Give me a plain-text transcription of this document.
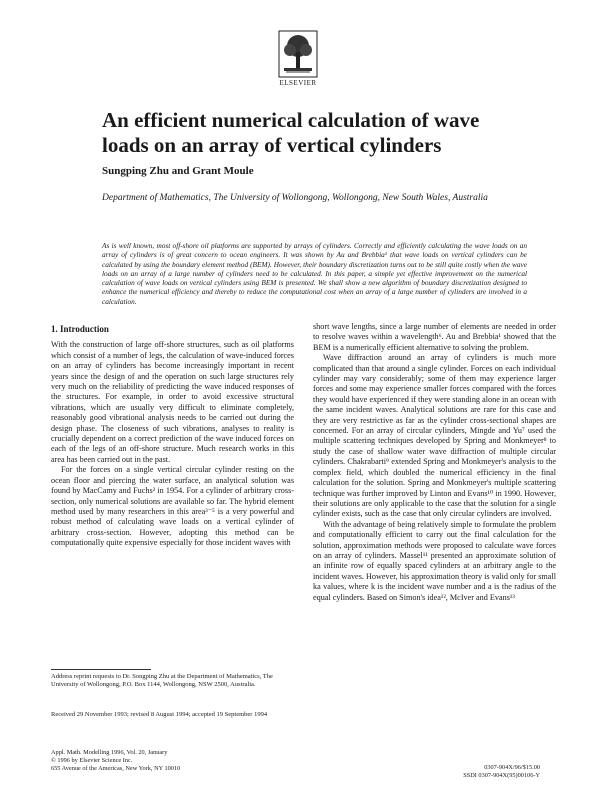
ELSEVIER
An efficient numerical calculation of wave loads on an array of vertical cylinders
Sungping Zhu and Grant Moule
Department of Mathematics, The University of Wollongong, Wollongong, New South Wales, Australia
As is well known, most off-shore oil platforms are supported by arrays of cylinders. Correctly and efficiently calculating the wave loads on an array of cylinders is of great concern to ocean engineers. It was shown by Au and Brebbia¹ that wave loads on vertical cylinders can be calculated by using the boundary element method (BEM). However, their boundary discretization turns out to be still quite costly when the wave loads on an array of a large number of cylinders need to be calculated. In this paper, a simple yet effective improvement on the numerical calculation of wave loads on vertical cylinders using BEM is presented. We shall show a new algorithm of boundary discretization designed to enhance the numerical efficiency and thereby to reduce the computational cost when an array of a large number of cylinders are involved in a calculation.
1. Introduction

With the construction of large off-shore structures, such as oil platforms which consist of a number of legs, the calculation of wave-induced forces on an array of cylinders has become increasingly important in recent years since the design of and the operation on such large structures rely very much on the reliability of predicting the wave induced responses of the structures. For example, in order to avoid excessive structural vibrations, which are usually very difficult to eliminate completely, reasonably good vibrational analysis needs to be carried out during the design phase. The closeness of such vibrations, analyses to reality is crucially dependent on a correct prediction of the wave induced forces on each of the legs of an off-shore structure. Much research works in this area has been carried out in the past.

For the forces on a single vertical circular cylinder resting on the ocean floor and piercing the water surface, an analytical solution was found by MacCamy and Fuchs² in 1954. For a cylinder of arbitrary cross-section, only numerical solutions are available so far. The hybrid element method used by many researchers in this area³⁻⁵ is a very powerful and robust method of calculating wave loads on a vertical cylinder of arbitrary cross-section. However, adopting this method can be computationally quite expensive especially for those incident waves with

short wave lengths, since a large number of elements are needed in order to resolve waves within a wavelength⁶. Au and Brebbia¹ showed that the BEM is a numerically efficient alternative to solving the problem.

Wave diffraction around an array of cylinders is much more complicated than that around a single cylinder. Forces on each individual cylinder may vary considerably; some of them may experience larger forces and some may experience smaller forces compared with the forces they would have experienced if they were standing alone in an ocean with the same incident waves. Analytical solutions are rare for this case and they are very restrictive as far as the cylinder cross-sectional shapes are concerned. For an array of circular cylinders, Mingde and Yu⁷ used the multiple scattering techniques developed by Spring and Monkmeyer⁸ to study the case of shallow water wave diffraction of multiple circular cylinders. Chakrabarti⁹ extended Spring and Monkmeyer's analysis to the complex field, which doubled the numerical efficiency in the final calculation for the solution. Spring and Monkmeyer's multiple scattering technique was further improved by Linton and Evans¹⁰ in 1990. However, their solutions are only applicable to the case that the solution for a single cylinder exists, such as the case that only circular cylinders are involved.

With the advantage of being relatively simple to formulate the problem and computationally efficient to carry out the final calculation for the solution, approximation methods were proposed to calculate wave forces on an array of cylinders. Massel¹¹ presented an approximate solution of an infinite row of equally spaced cylinders at an arbitrary angle to the incident waves. However, his approximation theory is valid only for small ka values, where k is the incident wave number and a is the radius of the equal cylinders. Based on Simon's idea¹², McIver and Evans¹³

Address reprint requests to Dr. Songping Zhu at the Department of Mathematics, The University of Wollongong, P.O. Box 1144, Wollongong, NSW 2500, Australia.
Received 29 November 1993; revised 8 August 1994; accepted 19 September 1994
Appl. Math. Modelling 1996, Vol. 20, January
© 1996 by Elsevier Science Inc.
655 Avenue of the Americas, New York, NY 10010	0307-904X/96/$15.00
SSDI 0307-904X(95)00106-Y
